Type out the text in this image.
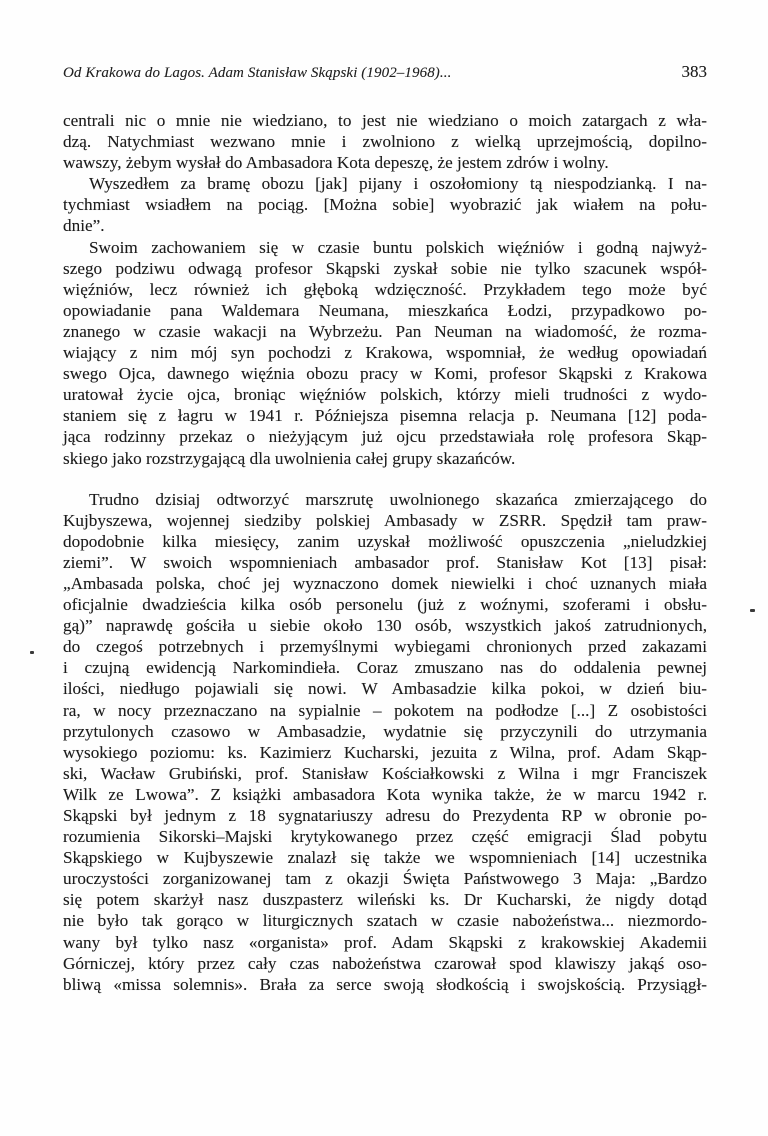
Od Krakowa do Lagos. Adam Stanisław Skąpski (1902–1968)...	383
centrali nic o mnie nie wiedziano, to jest nie wiedziano o moich zatargach z wła-
dzą. Natychmiast wezwano mnie i zwolniono z wielką uprzejmością, dopilno-
wawszy, żebym wysłał do Ambasadora Kota depeszę, że jestem zdrów i wolny.
Wyszedłem za bramę obozu [jak] pijany i oszołomiony tą niespodzianką. I na-
tychmiast wsiadłem na pociąg. [Można sobie] wyobrazić jak wiałem na połu-
dnie”.
Swoim zachowaniem się w czasie buntu polskich więźniów i godną najwyż-
szego podziwu odwagą profesor Skąpski zyskał sobie nie tylko szacunek współ-
więźniów, lecz również ich głęboką wdzięczność. Przykładem tego może być
opowiadanie pana Waldemara Neumana, mieszkańca Łodzi, przypadkowo po-
znanego w czasie wakacji na Wybrzeżu. Pan Neuman na wiadomość, że rozma-
wiający z nim mój syn pochodzi z Krakowa, wspomniał, że według opowiadań
swego Ojca, dawnego więźnia obozu pracy w Komi, profesor Skąpski z Krakowa
uratował życie ojca, broniąc więźniów polskich, którzy mieli trudności z wydo-
staniem się z łagru w 1941 r. Późniejsza pisemna relacja p. Neumana [12] poda-
jąca rodzinny przekaz o nieżyjącym już ojcu przedstawiała rolę profesora Skąp-
skiego jako rozstrzygającą dla uwolnienia całej grupy skazańców.
Trudno dzisiaj odtworzyć marszrutę uwolnionego skazańca zmierzającego do
Kujbyszewa, wojennej siedziby polskiej Ambasady w ZSRR. Spędził tam praw-
dopodobnie kilka miesięcy, zanim uzyskał możliwość opuszczenia „nieludzkiej
ziemi”. W swoich wspomnieniach ambasador prof. Stanisław Kot [13] pisał:
„Ambasada polska, choć jej wyznaczono domek niewielki i choć uznanych miała
oficjalnie dwadzieścia kilka osób personelu (już z woźnymi, szoferami i obsłu-
gą)” naprawdę gościła u siebie około 130 osób, wszystkich jakoś zatrudnionych,
do czegoś potrzebnych i przemyślnymi wybiegami chronionych przed zakazami
i czujną ewidencją Narkomindieła. Coraz zmuszano nas do oddalenia pewnej
ilości, niedługo pojawiali się nowi. W Ambasadzie kilka pokoi, w dzień biu-
ra, w nocy przeznaczano na sypialnie – pokotem na podłodze [...] Z osobistości
przytulonych czasowo w Ambasadzie, wydatnie się przyczynili do utrzymania
wysokiego poziomu: ks. Kazimierz Kucharski, jezuita z Wilna, prof. Adam Skąp-
ski, Wacław Grubiński, prof. Stanisław Kościałkowski z Wilna i mgr Franciszek
Wilk ze Lwowa”. Z książki ambasadora Kota wynika także, że w marcu 1942 r.
Skąpski był jednym z 18 sygnatariuszy adresu do Prezydenta RP w obronie po-
rozumienia Sikorski–Majski krytykowanego przez część emigracji Ślad pobytu
Skąpskiego w Kujbyszewie znalazł się także we wspomnieniach [14] uczestnika
uroczystości zorganizowanej tam z okazji Święta Państwowego 3 Maja: „Bardzo
się potem skarżył nasz duszpasterz wileński ks. Dr Kucharski, że nigdy dotąd
nie było tak gorąco w liturgicznych szatach w czasie nabożeństwa... niezmordo-
wany był tylko nasz «organista» prof. Adam Skąpski z krakowskiej Akademii
Górniczej, który przez cały czas nabożeństwa czarował spod klawiszy jakąś oso-
bliwą «missa solemnis». Brała za serce swoją słodkością i swojskością. Przysiągł-
